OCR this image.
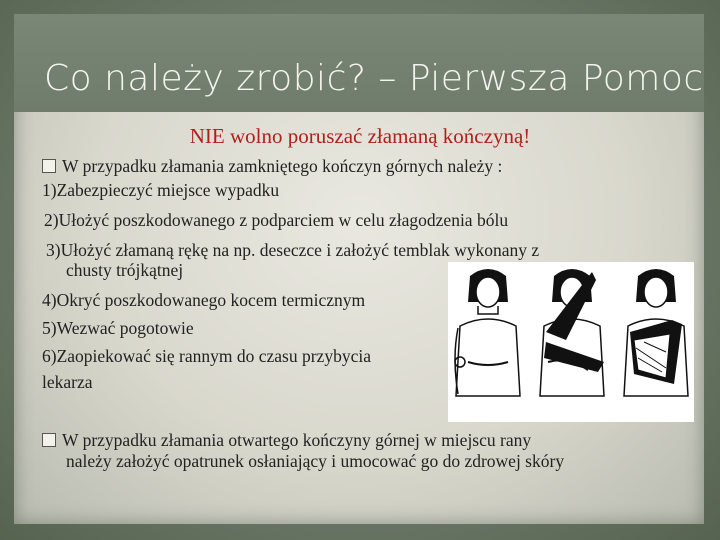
Co należy zrobić? – Pierwsza Pomoc
NIE wolno poruszać złamaną kończyną!
W przypadku złamania zamkniętego kończyn górnych należy :
1)Zabezpieczyć miejsce wypadku
2)Ułożyć poszkodowanego z podparciem w celu złagodzenia bólu
3)Ułożyć złamaną rękę na np. deseczce i założyć temblak wykonany z
chusty trójkątnej
4)Okryć poszkodowanego kocem termicznym
5)Wezwać pogotowie
6)Zaopiekować się rannym do czasu przybycia
lekarza
W przypadku złamania otwartego kończyny górnej w miejscu rany
należy założyć opatrunek osłaniający i umocować go do zdrowej skóry
